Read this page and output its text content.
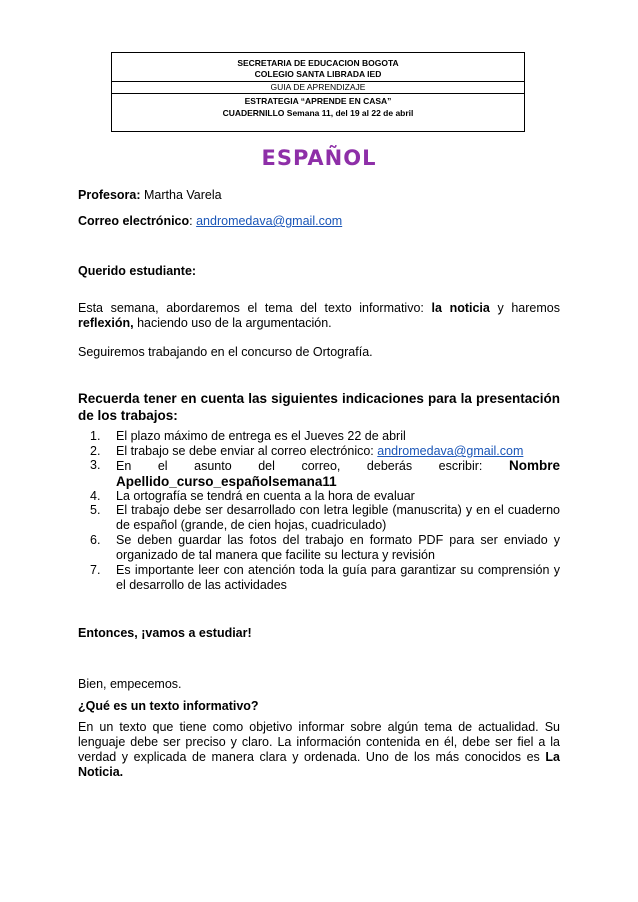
SECRETARIA DE EDUCACION BOGOTA
COLEGIO SANTA LIBRADA IED
GUIA DE APRENDIZAJE
ESTRATEGIA “APRENDE EN CASA”
CUADERNILLO Semana 11, del 19 al 22 de abril
ESPAÑOL
Profesora: Martha Varela
Correo electrónico: andromedava@gmail.com
Querido estudiante:
Esta semana, abordaremos el tema del texto informativo: la noticia y haremos reflexión, haciendo uso de la argumentación.
Seguiremos trabajando en el concurso de Ortografía.
Recuerda tener en cuenta las siguientes indicaciones para la presentación de los trabajos:
1.	El plazo máximo de entrega es el Jueves 22 de abril
2.	El trabajo se debe enviar al correo electrónico: andromedava@gmail.com
3.	En el asunto del correo, deberás escribir: Nombre Apellido_curso_españolsemana11
4.	La ortografía se tendrá en cuenta a la hora de evaluar
5.	El trabajo debe ser desarrollado con letra legible (manuscrita) y en el cuaderno de español (grande, de cien hojas, cuadriculado)
6.	Se deben guardar las fotos del trabajo en formato PDF para ser enviado y organizado de tal manera que facilite su lectura y revisión
7.	Es importante leer con atención toda la guía para garantizar su comprensión y el desarrollo de las actividades
Entonces, ¡vamos a estudiar!
Bien, empecemos.
¿Qué es un texto informativo?
En un texto que tiene como objetivo informar sobre algún tema de actualidad. Su lenguaje debe ser preciso y claro. La información contenida en él, debe ser fiel a la verdad y explicada de manera clara y ordenada. Uno de los más conocidos es La Noticia.
